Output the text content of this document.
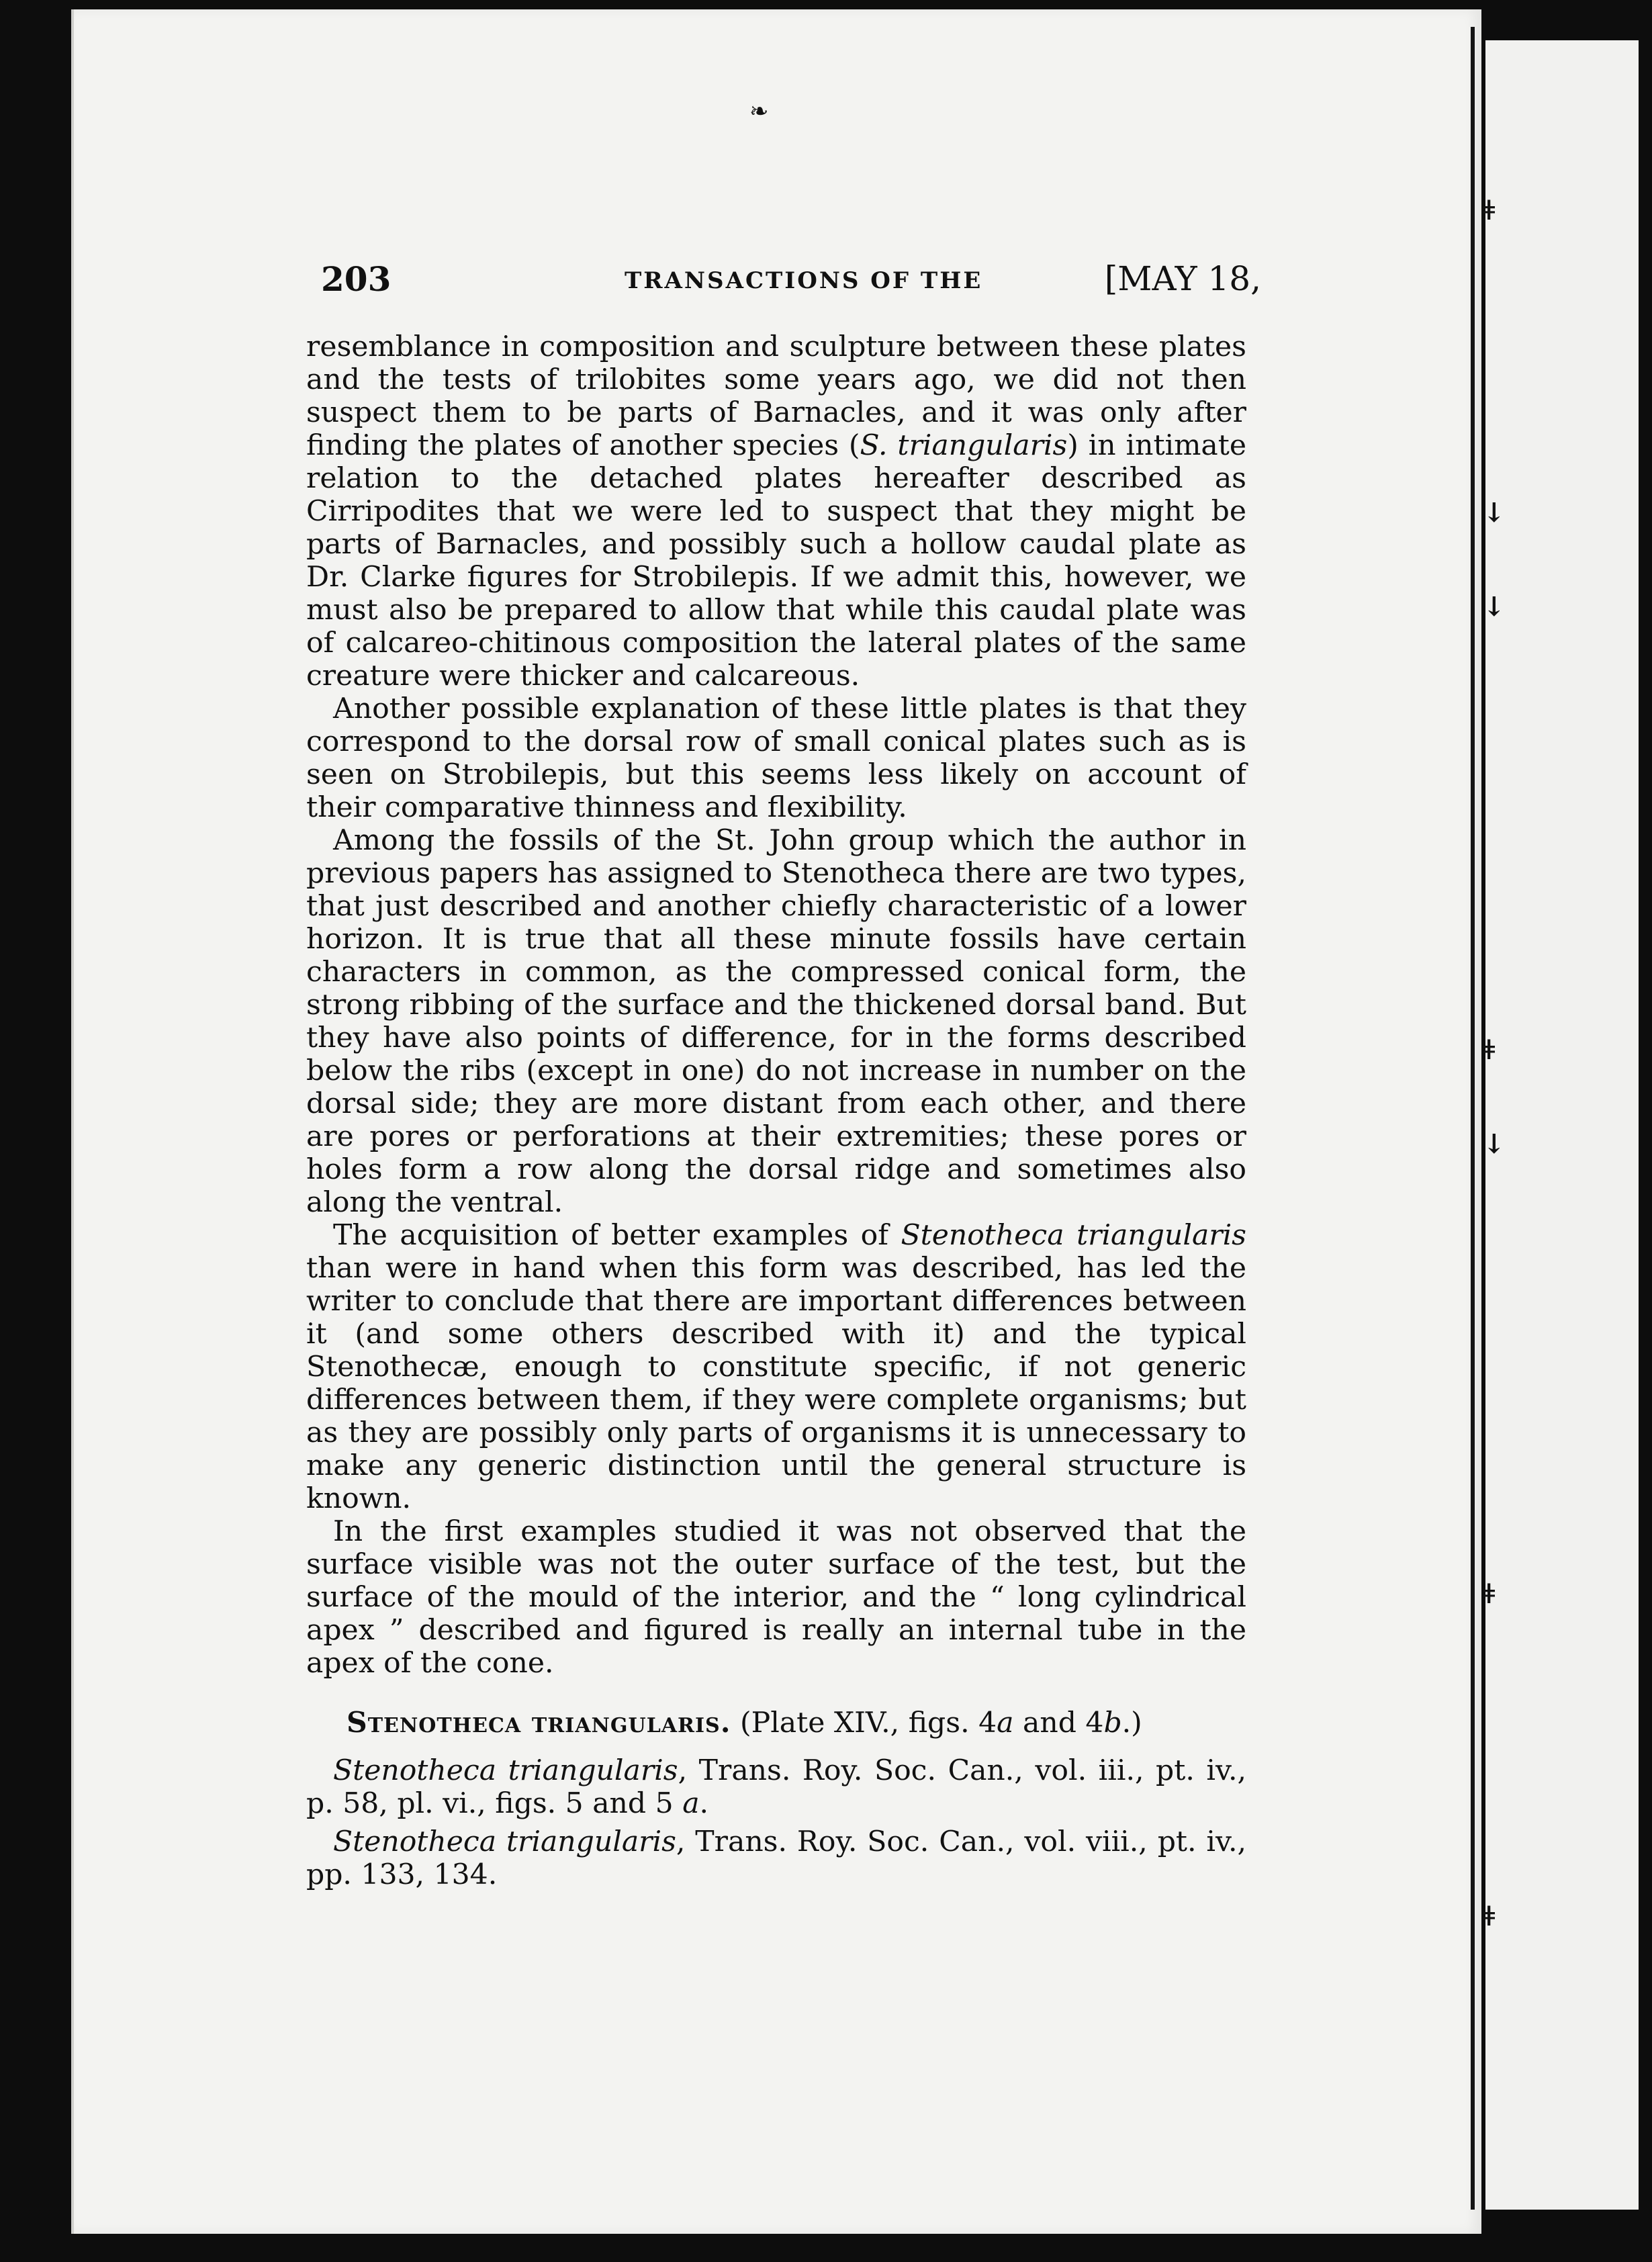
❧
ǂ
↓
↓
ǂ
↓
ǂ
ǂ
203	TRANSACTIONS OF THE	[MAY 18,

resemblance in composition and sculpture between these plates and the tests of trilobites some years ago, we did not then suspect them to be parts of Barnacles, and it was only after finding the plates of another species (S. triangularis) in intimate relation to the detached plates hereafter described as Cirripodites that we were led to suspect that they might be parts of Barnacles, and possibly such a hollow caudal plate as Dr. Clarke figures for Strobilepis. If we admit this, however, we must also be prepared to allow that while this caudal plate was of calcareo-chitinous composition the lateral plates of the same creature were thicker and calcareous.

Another possible explanation of these little plates is that they correspond to the dorsal row of small conical plates such as is seen on Strobilepis, but this seems less likely on account of their comparative thinness and flexibility.

Among the fossils of the St. John group which the author in previous papers has assigned to Stenotheca there are two types, that just described and another chiefly characteristic of a lower horizon. It is true that all these minute fossils have certain characters in common, as the compressed conical form, the strong ribbing of the surface and the thickened dorsal band. But they have also points of difference, for in the forms described below the ribs (except in one) do not increase in number on the dorsal side; they are more distant from each other, and there are pores or perforations at their extremities; these pores or holes form a row along the dorsal ridge and sometimes also along the ventral.

The acquisition of better examples of Stenotheca triangularis than were in hand when this form was described, has led the writer to conclude that there are important differences between it (and some others described with it) and the typical Stenothecæ, enough to constitute specific, if not generic differences between them, if they were complete organisms; but as they are possibly only parts of organisms it is unnecessary to make any generic distinction until the general structure is known.

In the first examples studied it was not observed that the surface visible was not the outer surface of the test, but the surface of the mould of the interior, and the “ long cylindrical apex ” described and figured is really an internal tube in the apex of the cone.

Stenotheca triangularis. (Plate XIV., figs. 4a and 4b.)

Stenotheca triangularis, Trans. Roy. Soc. Can., vol. iii., pt. iv., p. 58, pl. vi., figs. 5 and 5 a.

Stenotheca triangularis, Trans. Roy. Soc. Can., vol. viii., pt. iv., pp. 133, 134.
